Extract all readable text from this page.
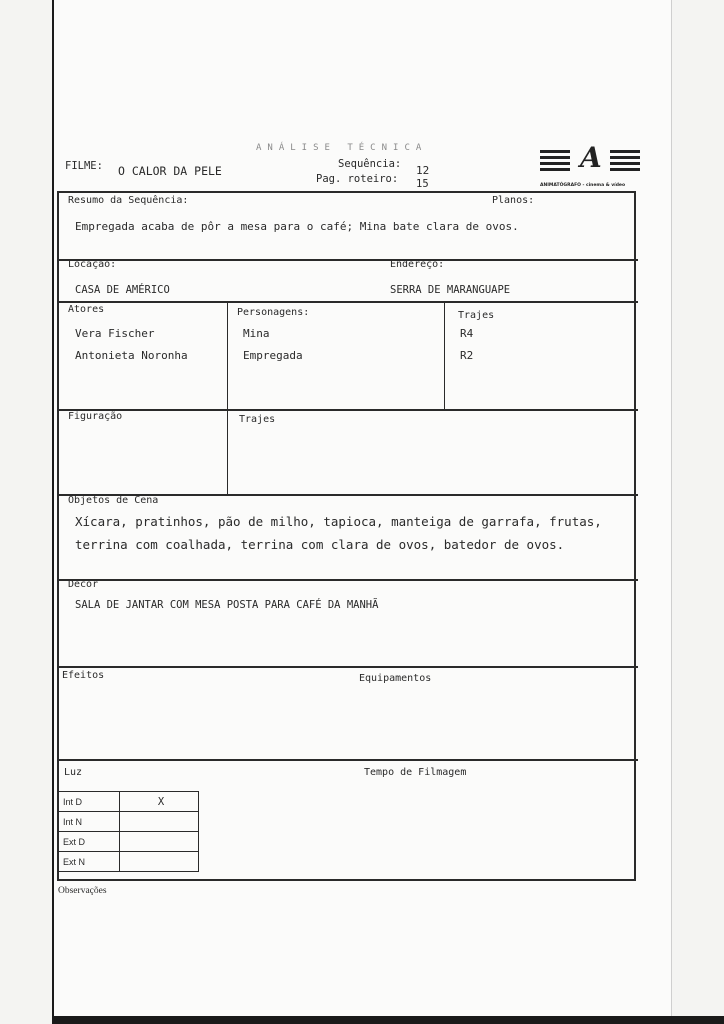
ANÁLISE TÉCNICA
FILME: O CALOR DA PELE	Sequência: 12
Pag. roteiro: 15
A
ANIMATÓGRAFO - cinema & vídeo
Resumo da Sequência:	Planos:
Empregada acaba de pôr a mesa para o café; Mina bate clara de ovos.
Locação:	Endereço:
CASA DE AMÉRICO	SERRA DE MARANGUAPE
Atores	Personagens:	Trajes
Vera Fischer	Mina	R4
Antonieta Noronha	Empregada	R2
Figuração	Trajes
Objetos de Cena
Xícara, pratinhos, pão de milho, tapioca, manteiga de garrafa, frutas,
terrina com coalhada, terrina com clara de ovos, batedor de ovos.
Decor
SALA DE JANTAR COM MESA POSTA PARA CAFÉ DA MANHÃ
Efeitos	Equipamentos
Luz	Tempo de Filmagem
Int D	X
Int N	
Ext D	
Ext N	
Observações
